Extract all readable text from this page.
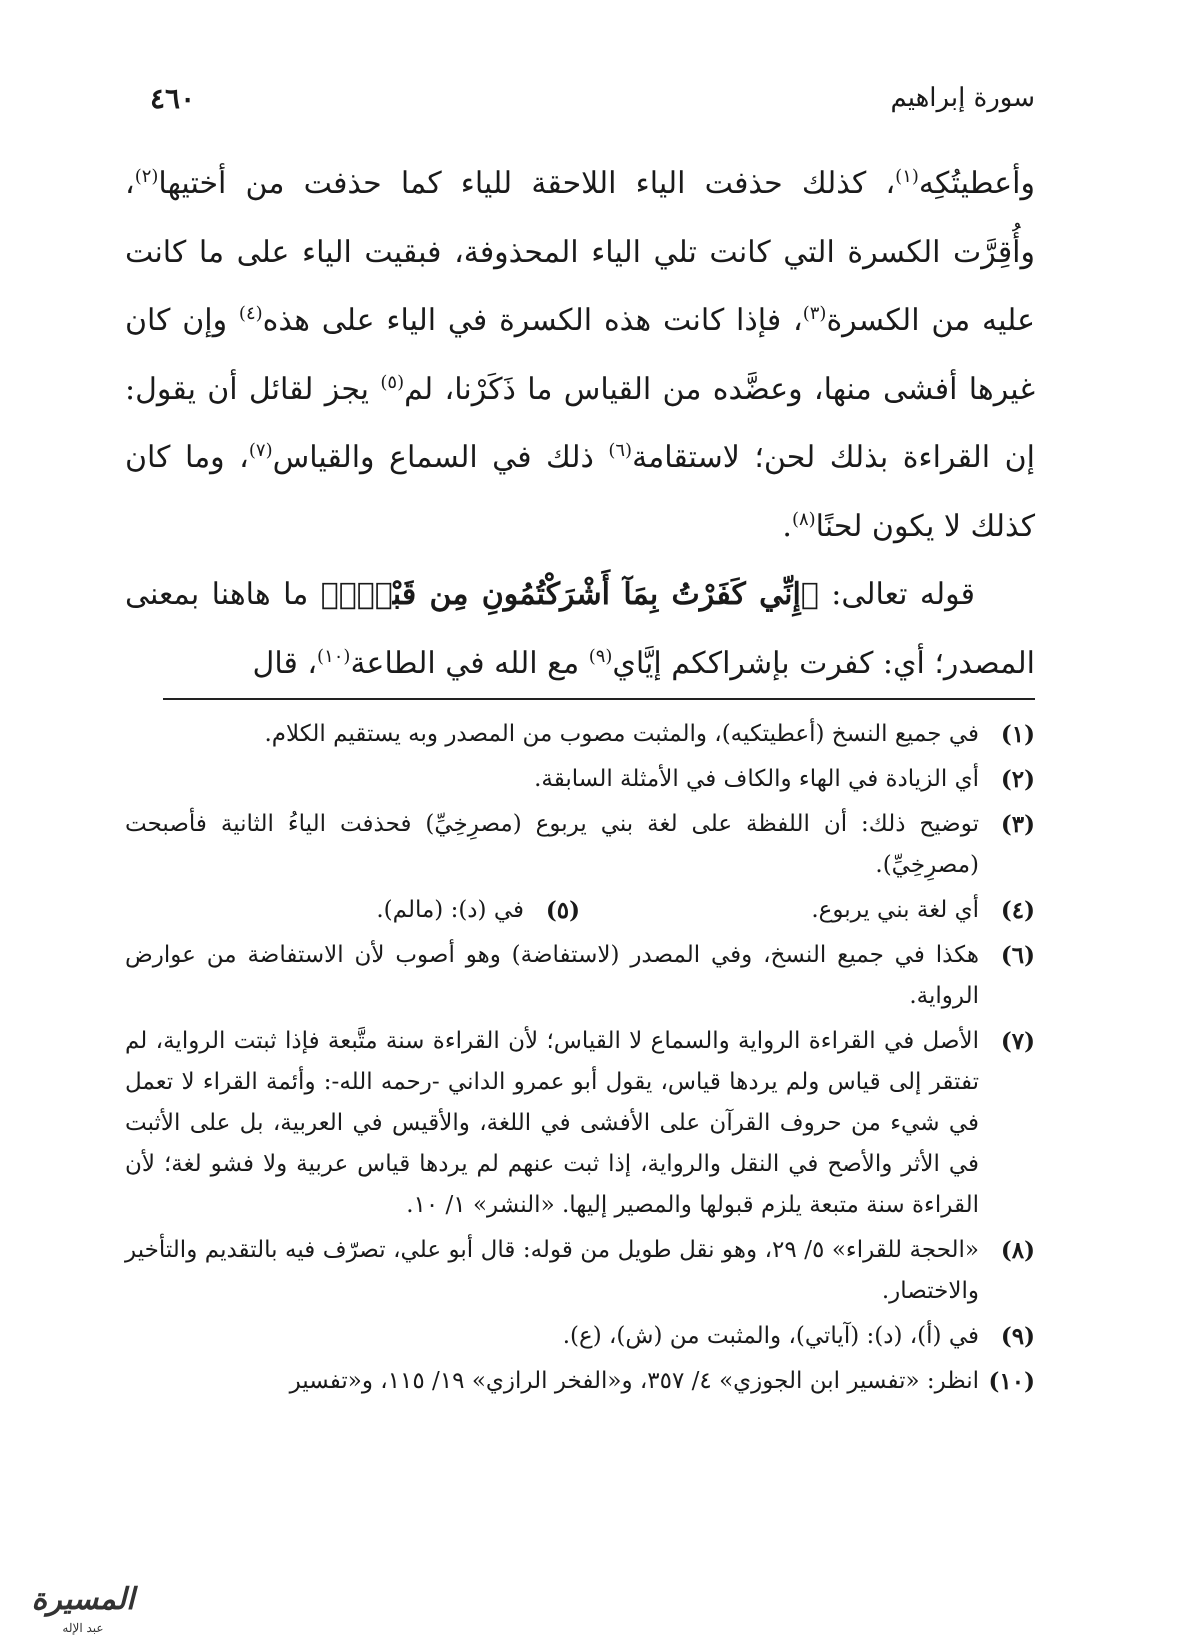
سورة إبراهيم
٤٦٠

وأعطيتُكِه$^{(١)}$، كذلك حذفت الياء اللاحقة للياء كما حذفت من أختيها$^{(٢)}$، وأُقِرَّت الكسرة التي كانت تلي الياء المحذوفة، فبقيت الياء على ما كانت عليه من الكسرة$^{(٣)}$، فإذا كانت هذه الكسرة في الياء على هذه$^{(٤)}$ وإن كان غيرها أفشى منها، وعضَّده من القياس ما ذَكَرْنا، لم$^{(٥)}$ يجز لقائل أن يقول: إن القراءة بذلك لحن؛ لاستقامة$^{(٦)}$ ذلك في السماع والقياس$^{(٧)}$، وما كان كذلك لا يكون لحنًا$^{(٨)}$.

قوله تعالى: ﴿إِنِّي كَفَرْتُ بِمَآ أَشْرَكْتُمُونِ مِن قَبْلُۗ﴾ ما هاهنا بمعنى المصدر؛ أي: كفرت بإشراككم إيَّاي$^{(٩)}$ مع الله في الطاعة$^{(١٠)}$، قال

(١)
في جميع النسخ (أعطيتكيه)، والمثبت مصوب من المصدر وبه يستقيم الكلام.
(٢)
أي الزيادة في الهاء والكاف في الأمثلة السابقة.
(٣)
توضيح ذلك: أن اللفظة على لغة بني يربوع (مصرِخِيِّ) فحذفت الياءُ الثانية فأصبحت (مصرِخِيِّ).
(٤)
أي لغة بني يربوع.
(٥)
في (د): (مالم).
(٦)
هكذا في جميع النسخ، وفي المصدر (لاستفاضة) وهو أصوب لأن الاستفاضة من عوارض الرواية.
(٧)
الأصل في القراءة الرواية والسماع لا القياس؛ لأن القراءة سنة متَّبعة فإذا ثبتت الرواية، لم تفتقر إلى قياس ولم يردها قياس، يقول أبو عمرو الداني -رحمه الله-: وأئمة القراء لا تعمل في شيء من حروف القرآن على الأفشى في اللغة، والأقيس في العربية، بل على الأثبت في الأثر والأصح في النقل والرواية، إذا ثبت عنهم لم يردها قياس عربية ولا فشو لغة؛ لأن القراءة سنة متبعة يلزم قبولها والمصير إليها. «النشر» ١/ ١٠.
(٨)
«الحجة للقراء» ٥/ ٢٩، وهو نقل طويل من قوله: قال أبو علي، تصرّف فيه بالتقديم والتأخير والاختصار.
(٩)
في (أ)، (د): (آياتي)، والمثبت من (ش)، (ع).
(١٠)
انظر: «تفسير ابن الجوزي» ٤/ ٣٥٧، و«الفخر الرازي» ١٩/ ١١٥، و«تفسير
المسيرة
عبد الإله
